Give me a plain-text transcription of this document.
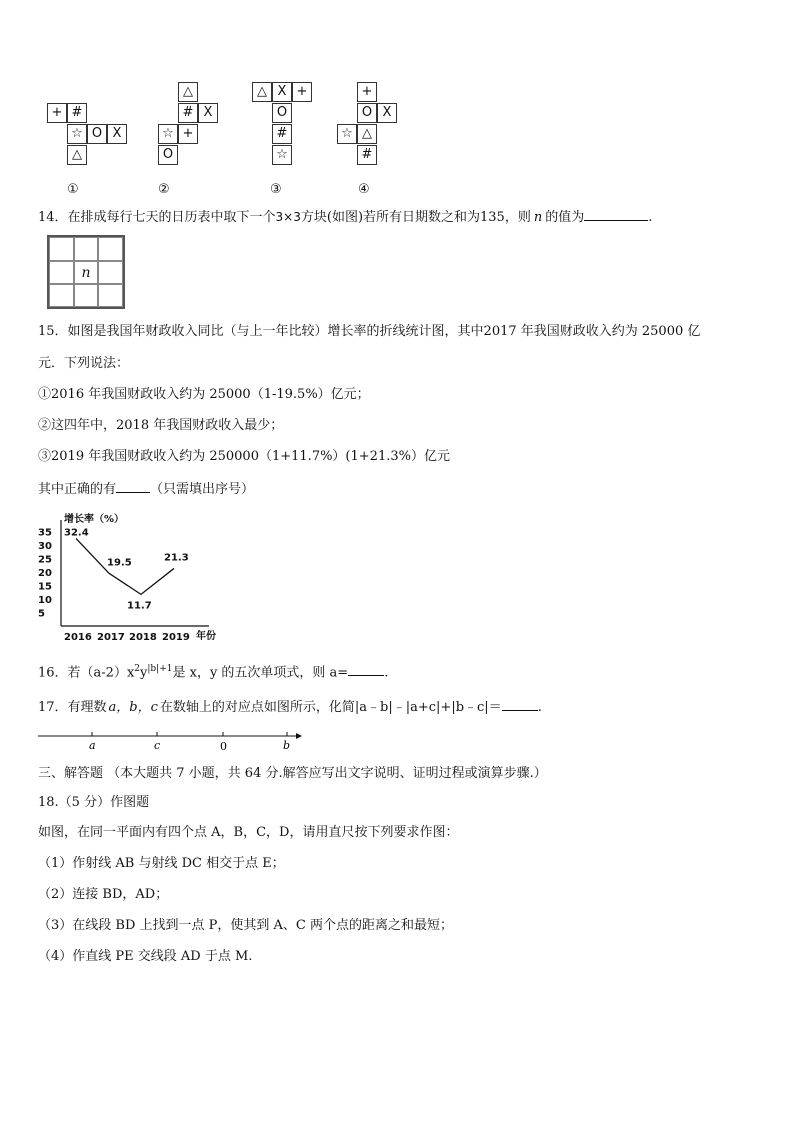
+ #
☆ O X
△
①
△
# X
☆ +
O
②
△ X +
O
#
☆
③
+
O X
☆ △
#
④
14．在排成每行七天的日历表中取下一个3×3方块(如图)若所有日期数之和为135，则 n 的值为	.
n
15．如图是我国年财政收入同比（与上一年比较）增长率的折线统计图，其中2017 年我国财政收入约为 25000 亿
元．下列说法：
①2016 年我国财政收入约为 25000（1-19.5%）亿元；
②这四年中，2018 年我国财政收入最少；
③2019 年我国财政收入约为 250000（1+11.7%）(1+21.3%）亿元
其中正确的有	（只需填出序号）
增长率（%）
年份
35
30
25
20
15
10
5
2016 2017 2018 2019
32.4
19.5
11.7
21.3
16．若$(a-2)x^2y^{|b|+1}$是 x，y 的五次单项式，则 a=	.
17．有理数 a，b，c 在数轴上的对应点如图所示，化简|a﹣b|﹣|a+c|+|b﹣c|＝	.
a	c	0	b
三、解答题 （本大题共 7 小题，共 64 分.解答应写出文字说明、证明过程或演算步骤.）
18.（5 分）作图题
如图，在同一平面内有四个点 A，B，C，D，请用直尺按下列要求作图：
（1）作射线 AB 与射线 DC 相交于点 E；
（2）连接 BD，AD；
（3）在线段 BD 上找到一点 P，使其到 A、C 两个点的距离之和最短；
（4）作直线 PE 交线段 AD 于点 M.
